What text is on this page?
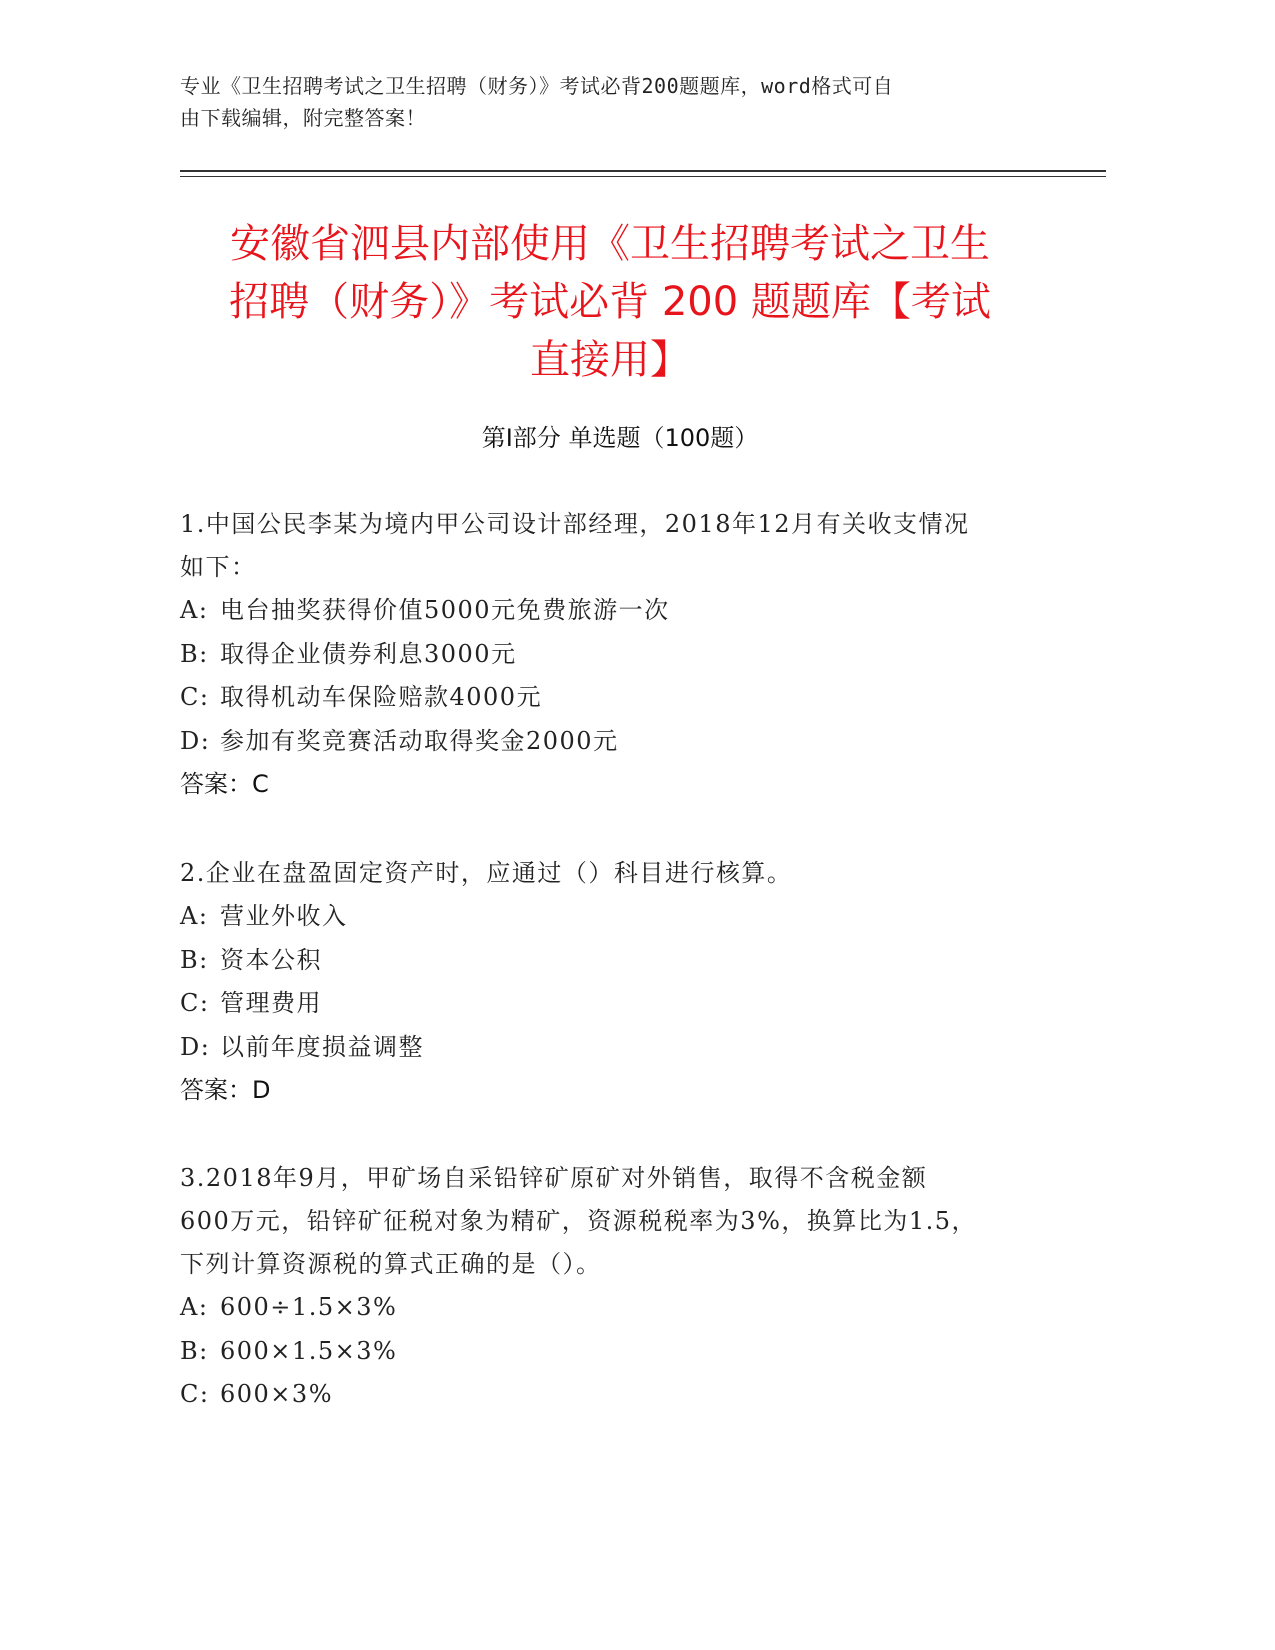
专业《卫生招聘考试之卫生招聘（财务）》考试必背200题题库，word格式可自
由下载编辑，附完整答案！
安徽省泗县内部使用《卫生招聘考试之卫生
招聘（财务）》考试必背 200 题题库【考试
直接用】
第Ⅰ部分 单选题（100题）
1.中国公民李某为境内甲公司设计部经理，2018年12月有关收支情况
如下：
A: 电台抽奖获得价值5000元免费旅游一次
B: 取得企业债券利息3000元
C: 取得机动车保险赔款4000元
D: 参加有奖竞赛活动取得奖金2000元
答案：C
2.企业在盘盈固定资产时，应通过（）科目进行核算。
A: 营业外收入
B: 资本公积
C: 管理费用
D: 以前年度损益调整
答案：D
3.2018年9月，甲矿场自采铅锌矿原矿对外销售，取得不含税金额
600万元，铅锌矿征税对象为精矿，资源税税率为3%，换算比为1.5，
下列计算资源税的算式正确的是（）。
A: 600÷1.5×3%
B: 600×1.5×3%
C: 600×3%
